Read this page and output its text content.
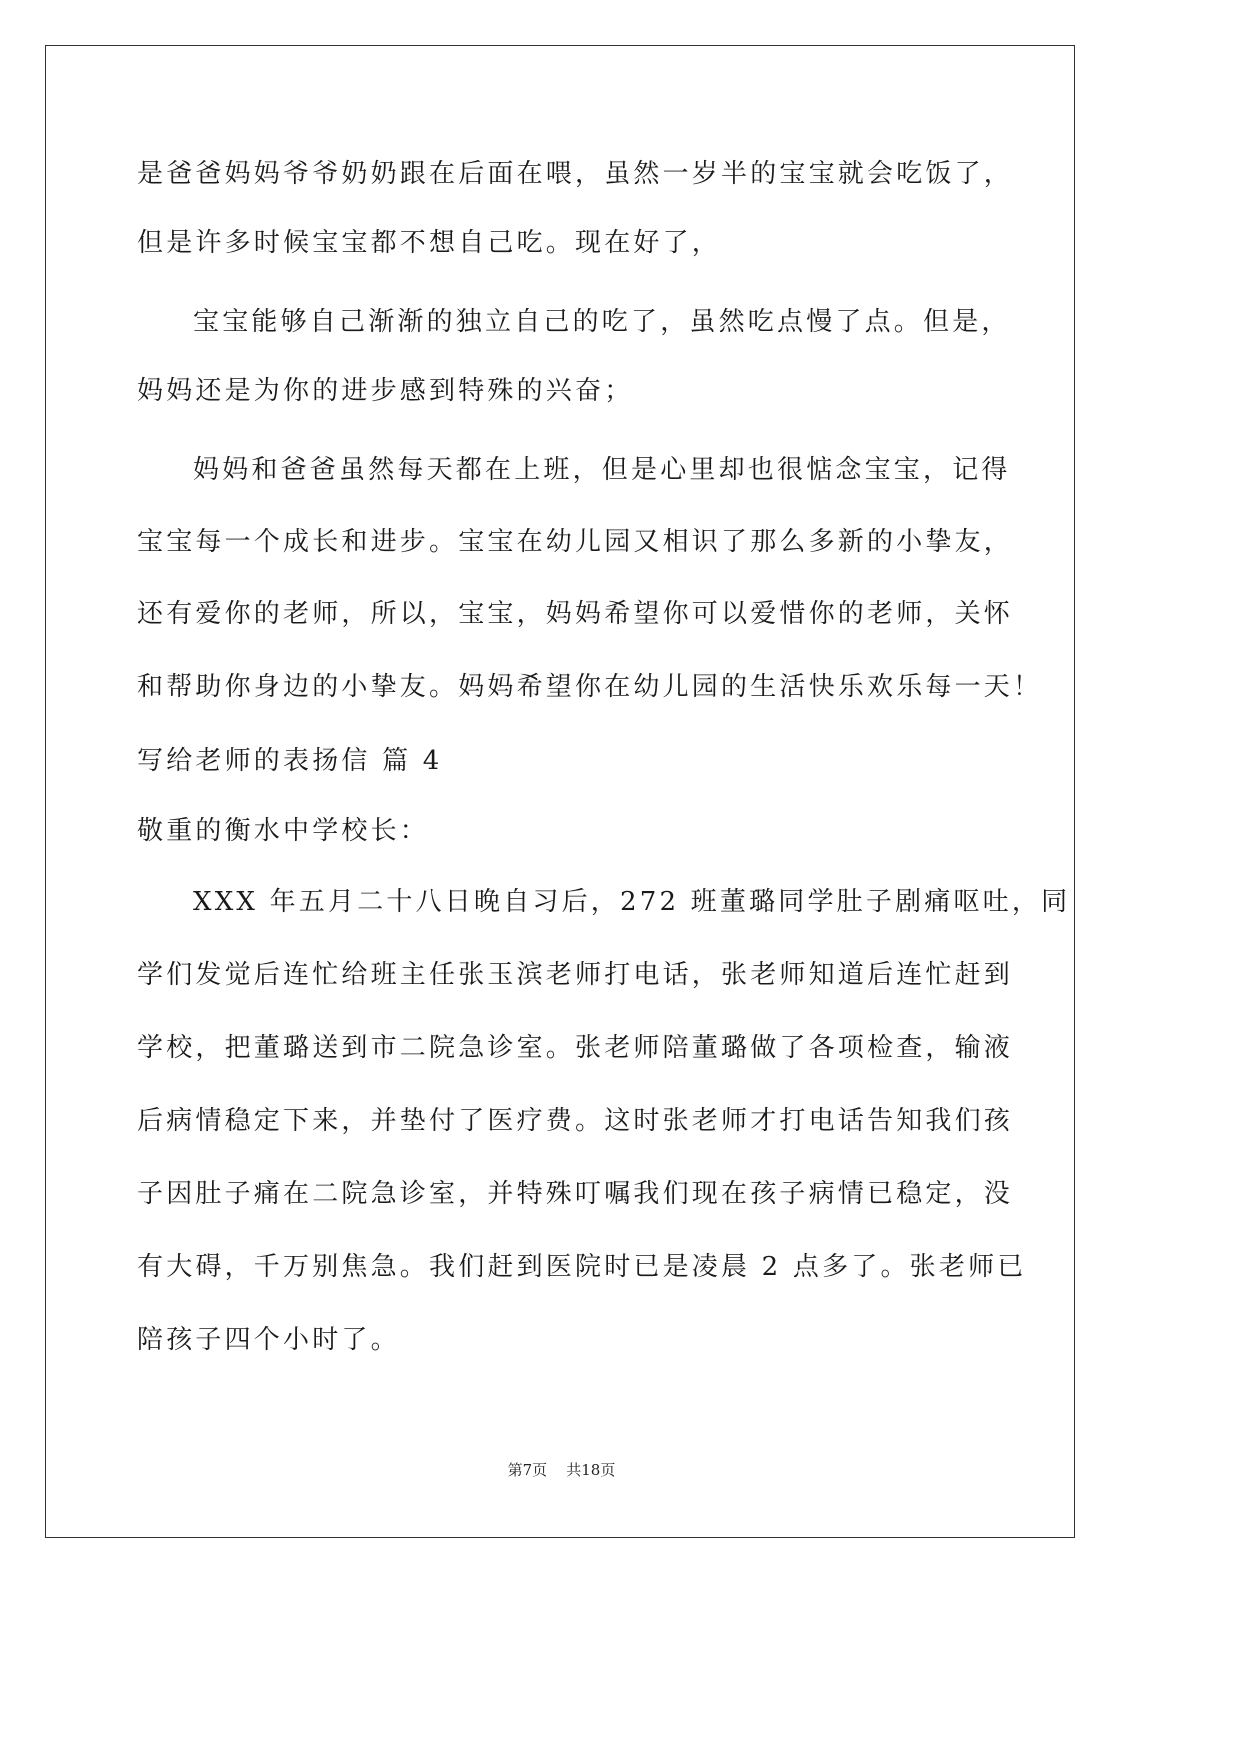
是爸爸妈妈爷爷奶奶跟在后面在喂，虽然一岁半的宝宝就会吃饭了，
但是许多时候宝宝都不想自己吃。现在好了，
宝宝能够自己渐渐的独立自己的吃了，虽然吃点慢了点。但是，
妈妈还是为你的进步感到特殊的兴奋；
妈妈和爸爸虽然每天都在上班，但是心里却也很惦念宝宝，记得
宝宝每一个成长和进步。宝宝在幼儿园又相识了那么多新的小挚友，
还有爱你的老师，所以，宝宝，妈妈希望你可以爱惜你的老师，关怀
和帮助你身边的小挚友。妈妈希望你在幼儿园的生活快乐欢乐每一天！
写给老师的表扬信 篇 4
敬重的衡水中学校长：
XXX 年五月二十八日晚自习后，272 班董璐同学肚子剧痛呕吐，同
学们发觉后连忙给班主任张玉滨老师打电话，张老师知道后连忙赶到
学校，把董璐送到市二院急诊室。张老师陪董璐做了各项检查，输液
后病情稳定下来，并垫付了医疗费。这时张老师才打电话告知我们孩
子因肚子痛在二院急诊室，并特殊叮嘱我们现在孩子病情已稳定，没
有大碍，千万别焦急。我们赶到医院时已是凌晨 2 点多了。张老师已
陪孩子四个小时了。
第7页    共18页
